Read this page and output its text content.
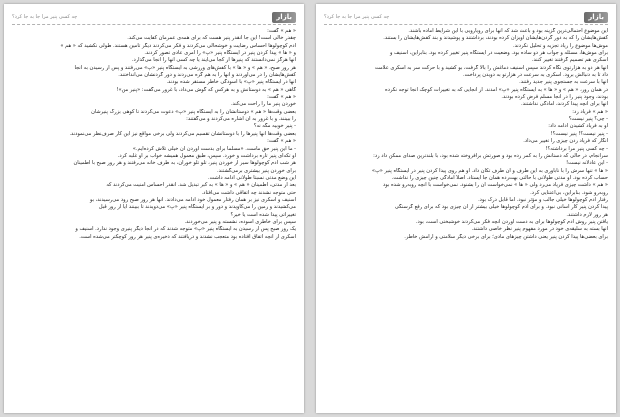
بازار
چه کسی پنیر مرا جا به جا کرد؟
« هم » گفت:
چقدر خالی است! این جا آنقدر پنیر هست که برای همه‌ی عمرمان کفایت می‌کند.
آدم کوچولوها احساس رضایت و خوشحالی می‌کردند و فکر می‌کردند دیگر تامین هستند. طولی نکشید که « هم »
و « ها » پیدا کردن پنیر در ایستگاه پنیر «پ» را امری عادی تصور کردند.
آنها هرگز نمی‌دانستند که پنیرها از کجا می‌آیند یا چه کسی آنها را آنجا می‌گذارد.
هر روز صبح، « هم » و « ها » با کفش‌های ورزشی به ایستگاه پنیر «پ» می‌رفتند و پس از رسیدن به آنجا
کفش‌هایشان را در می‌آوردند و آنها را به هم گره می‌زدند و دور گردنشان می‌انداختند.
آنها در ایستگاه پنیر «پ» با آسودگی خاطر مستقر شده بودند.
گاهی « هم » به دوستانش و به هرکس که گوش می‌داد، با غرور می‌گفت: «پنیر من»!
« هم » گفت:
خوردن پنیر ما را راحت می‌کند.
بعضی وقت‌ها « هم » دوستانشان را به ایستگاه پنیر «پ» دعوت می‌کردند تا کوهی بزرگ پنیرشان
را ببینند. و با غرور به آن اشاره می‌کردند و می‌گفتند:
- پنیر خوبیه مگه نه؟
بعضی وقت‌ها آنها پنیرها را با دوستانشان تقسیم می‌کردند ولی برخی مواقع نیز این کار صرف‌نظر می‌نمودند.
« هم » گفت:
- ما این پنیر حق ماست. «مسلماً برای بدست آوردن آن خیلی تلاش کرده‌ایم.»
او تکه‌ای پنیر تازه برداشت و خورد. سپس، طبق معمول همیشه خواب بر او غلبه کرد.
هر شب آدم کوچولوها سیر از خوردن پنیر، تلو تلو خوران، به طرف خانه می‌رفتند و هر روز صبح با اطمینان
برای خوردن پنیر بیشتری برمی‌گشتند.
این وضع مدتی نسبتاً طولانی ادامه داشت.
بعد از مدتی، اطمینان « هم » و « ها » به کبر تبدیل شد. آنقدر احساس امنیت می‌کردند که
حتی متوجه نشدند چه اتفاقی داشت می‌افتاد.
اسنیف و اسکری نیز بر همان رفتار معمول خود ادامه می‌دادند. آنها هر روز صبح زود می‌رسیدند، بو
می‌کشیدند و زمین را می‌کاویدند و دور و بر ایستگاه پنیر «پ» می‌دویدند تا ببینند آیا از روز قبل
تغییراتی پیدا شده است یا خیر؟
سپس برای خاطری آسوده، نشسته و پنیر می‌خوردند.
یک روز صبح پس از رسیدن به ایستگاه پنیر «پ» متوجه شدند که در آنجا دیگر پنیری وجود ندارد. اسنیف و
اسکری از آنچه اتفاق افتاده بود متعجب نشدند و دریافتند که ذخیره‌ی پنیر هر روز کوچکتر می‌شده است.
بازار
چه کسی پنیر مرا جا به جا کرد؟
این موضوع احتمالی‌ترین گزینه بود و باعث شد که آنها برای رویارویی با این شرایط آماده باشند.
کفش‌هایشان را که به دور گردن‌هایشان آویزان کرده بودند، برداشتند و پوشیدند و بند کفش‌هایشان را بستند.
موش‌ها موضوع را زیاد تجزیه و تحلیل نکردند.
برای موش‌ها، مسئله و جواب هر دو ساده بود. وضعیت در ایستگاه پنیر تغییر کرده بود. بنابراین، اسنیف و
اسکری هم تصمیم گرفتند تغییر کنند.
آنها هر دو به هزارتوی نگاه کردند سپس اسنیف دماغش را بالا گرفت، بو کشید و با حرکت سر به اسکری علامت
داد تا به دنبالش برود. اسکری به سرعت در هزارتو به دویدن پرداخت.
آنها با سرعت به جستجوی پنیر جدید رفتند.
در همان روز، « هم » و « ها » به ایستگاه پنیر «پ» آمدند. از آنجایی که به تغییرات کوچک آنجا توجه نکرده
بودند، وجود پنیر را در آنجا مسلم فرض کرده بودند.
آنها برای آنچه پیدا کردند، آمادگی نداشتند.
« هم » فریاد زد:
- چی؟ پنیر نیست؟
او به فریاد کشیدن ادامه داد:
- پنیر نیست؟! پنیر نیست؟!
انگار که فریاد زدن چیزی را تغییر می‌داد.
- چه کسی پنیر مرا برداشته؟!
سرانجام، در حالی که دستانش را به کمر زده بود و صورتش برافروخته شده بود، با بلندترین صدای ممکن داد زد:
- این عادلانه نیست!
« ها » تنها سرش را با ناباوری به این طرف و آن طرف تکان داد. او هم روی پیدا کردن پنیر در ایستگاه پنیر «پ»
حساب کرده بود. او مدتی طولانی با حالتی بهت‌زده همان جا ایستاد. اصلاً آمادگی چنین چیزی را نداشت.
« هم » داشت چیزی فریاد می‌زد ولی « ها » نمی‌خواست آن را بشنود. نمی‌خواست با آنچه روبه‌رو شده بود
روبه‌رو شود. بنابراین، بی‌اعتنایی کرد.
رفتار آدم کوچولوها خیلی جالب و مؤثر نبود. اما قابل درک بود.
پیدا کردن پنیر کار آسانی نبود. و برای آدم کوچولوها خیلی بیشتر از آن چیزی بود که برای رفع گرسنگی
هر روز لازم داشتند.
یافتن پنیر روش آدم کوچولوها برای به دست آوردن آنچه فکر می‌کردند خوشبختی است، بود.
آنها بسته به سلیقه‌ی خود در مورد مفهوم پنیر نظر خاصی داشتند.
برای بعضی‌ها پیدا کردن پنیر یعنی داشتن چیزهای مادی؛ برای برخی دیگر سلامتی و آرامش خاطر.
